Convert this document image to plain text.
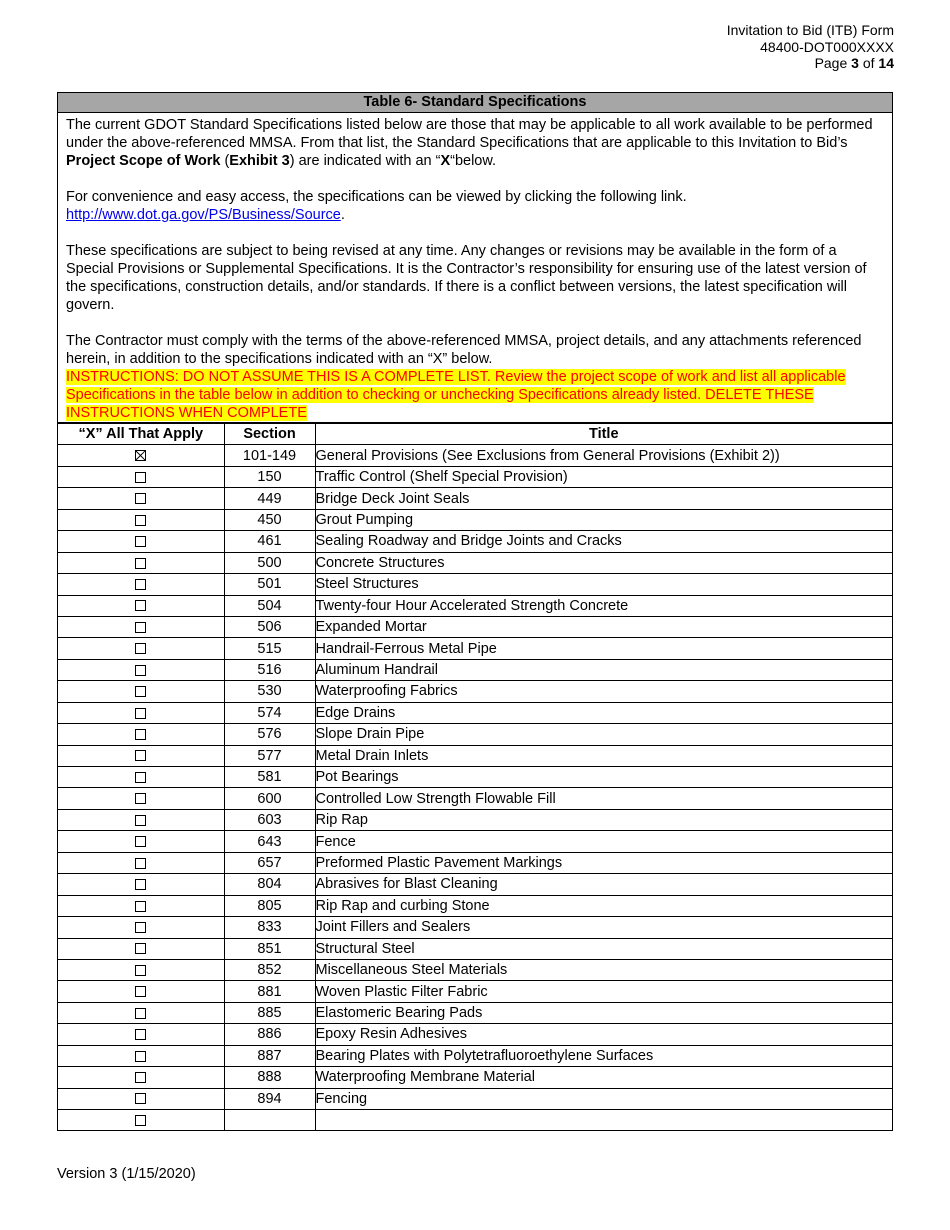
Invitation to Bid (ITB) Form
48400-DOT000XXXX
Page 3 of 14
Table 6- Standard Specifications

The current GDOT Standard Specifications listed below are those that may be applicable to all work available to be performed under the above-referenced MMSA. From that list, the Standard Specifications that are applicable to this Invitation to Bid’s Project Scope of Work (Exhibit 3) are indicated with an “X“below.

For convenience and easy access, the specifications can be viewed by clicking the following link.
http://www.dot.ga.gov/PS/Business/Source.

These specifications are subject to being revised at any time. Any changes or revisions may be available in the form of a Special Provisions or Supplemental Specifications. It is the Contractor’s responsibility for ensuring use of the latest version of the specifications, construction details, and/or standards. If there is a conflict between versions, the latest specification will govern.

The Contractor must comply with the terms of the above-referenced MMSA, project details, and any attachments referenced herein, in addition to the specifications indicated with an “X” below.
INSTRUCTIONS: DO NOT ASSUME THIS IS A COMPLETE LIST. Review the project scope of work and list all applicable Specifications in the table below in addition to checking or unchecking Specifications already listed. DELETE THESE INSTRUCTIONS WHEN COMPLETE

“X” All That Apply	Section	Title
	101-149	General Provisions (See Exclusions from General Provisions (Exhibit 2))
	150	Traffic Control (Shelf Special Provision)
	449	Bridge Deck Joint Seals
	450	Grout Pumping
	461	Sealing Roadway and Bridge Joints and Cracks
	500	Concrete Structures
	501	Steel Structures
	504	Twenty-four Hour Accelerated Strength Concrete
	506	Expanded Mortar
	515	Handrail-Ferrous Metal Pipe
	516	Aluminum Handrail
	530	Waterproofing Fabrics
	574	Edge Drains
	576	Slope Drain Pipe
	577	Metal Drain Inlets
	581	Pot Bearings
	600	Controlled Low Strength Flowable Fill
	603	Rip Rap
	643	Fence
	657	Preformed Plastic Pavement Markings
	804	Abrasives for Blast Cleaning
	805	Rip Rap and curbing Stone
	833	Joint Fillers and Sealers
	851	Structural Steel
	852	Miscellaneous Steel Materials
	881	Woven Plastic Filter Fabric
	885	Elastomeric Bearing Pads
	886	Epoxy Resin Adhesives
	887	Bearing Plates with Polytetrafluoroethylene Surfaces
	888	Waterproofing Membrane Material
	894	Fencing

Version 3 (1/15/2020)
